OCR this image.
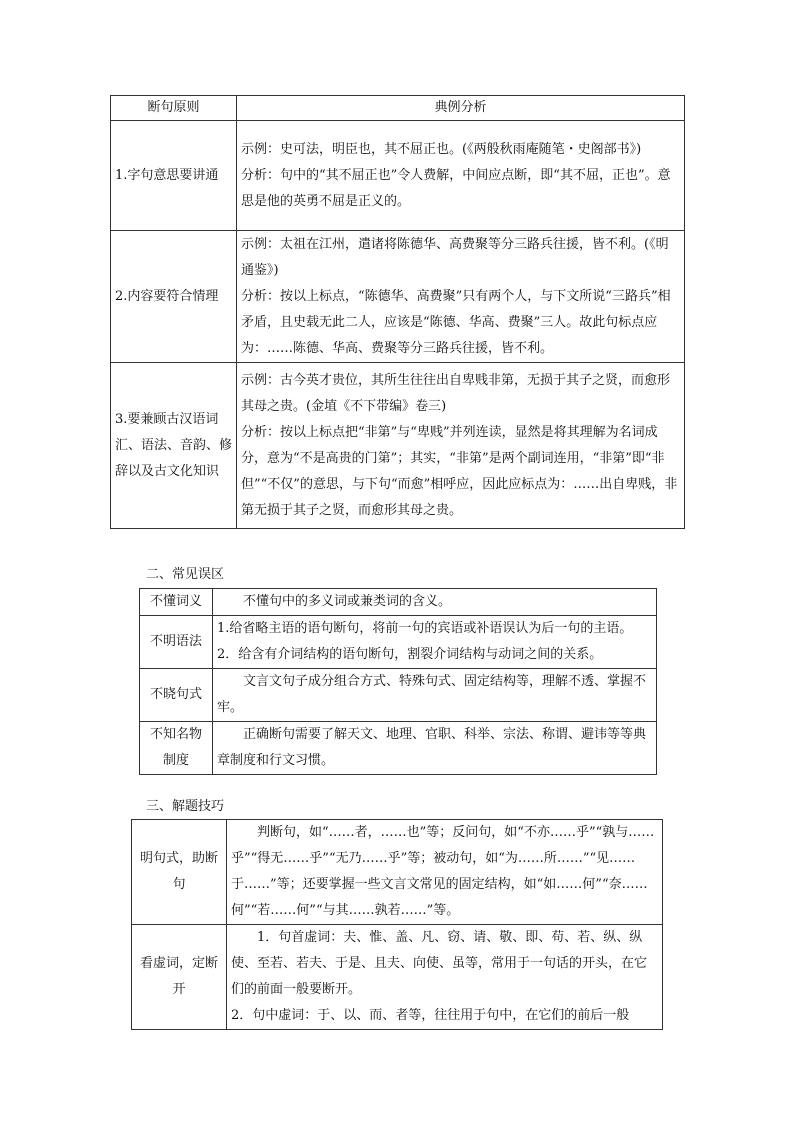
断句原则	典例分析
1.字句意思要讲通	示例：史可法，明臣也，其不屈正也。(《两般秋雨庵随笔・史阁部书》)

分析：句中的“其不屈正也”令人费解，中间应点断，即“其不屈，正也”。意思是他的英勇不屈是正义的。

2.内容要符合情理	示例：太祖在江州，遣诸将陈德华、高费聚等分三路兵往援，皆不利。(《明通鉴》)

分析：按以上标点，“陈德华、高费聚”只有两个人，与下文所说“三路兵”相矛盾，且史载无此二人，应该是“陈德、华高、费聚”三人。故此句标点应为：……陈德、华高、费聚等分三路兵往援，皆不利。

3.要兼顾古汉语词汇、语法、音韵、修辞以及古文化知识	示例：古今英才贵位，其所生往往出自卑贱非第，无损于其子之贤，而愈形其母之贵。(金埴《不下带编》卷三)

分析：按以上标点把“非第”与“卑贱”并列连读，显然是将其理解为名词成分，意为“不是高贵的门第”；其实，“非第”是两个副词连用，“非第”即“非但”“不仅”的意思，与下句“而愈”相呼应，因此应标点为：……出自卑贱，非第无损于其子之贤，而愈形其母之贵。

二、常见误区

不懂词义	不懂句中的多义词或兼类词的含义。

不明语法	1.给省略主语的语句断句，将前一句的宾语或补语误认为后一句的主语。

2．给含有介词结构的语句断句，割裂介词结构与动词之间的关系。

不晓句式	文言文句子成分组合方式、特殊句式、固定结构等，理解不透、掌握不牢。

不知名物制度	正确断句需要了解天文、地理、官职、科举、宗法、称谓、避讳等等典章制度和行文习惯。

三、解题技巧

明句式，助断句	判断句，如“……者，……也”等；反问句，如“不亦……乎”“孰与……乎”“得无……乎”“无乃……乎”等；被动句，如“为……所……”“见……于……”等；还要掌握一些文言文常见的固定结构，如“如……何”“奈……何”“若……何”“与其……孰若……”等。

看虚词，定断开	1．句首虚词：夫、惟、盖、凡、窃、请、敬、即、苟、若、纵、纵使、至若、若夫、于是、且夫、向使、虽等，常用于一句话的开头，在它们的前面一般要断开。

2．句中虚词：于、以、而、者等，往往用于句中，在它们的前后一般
